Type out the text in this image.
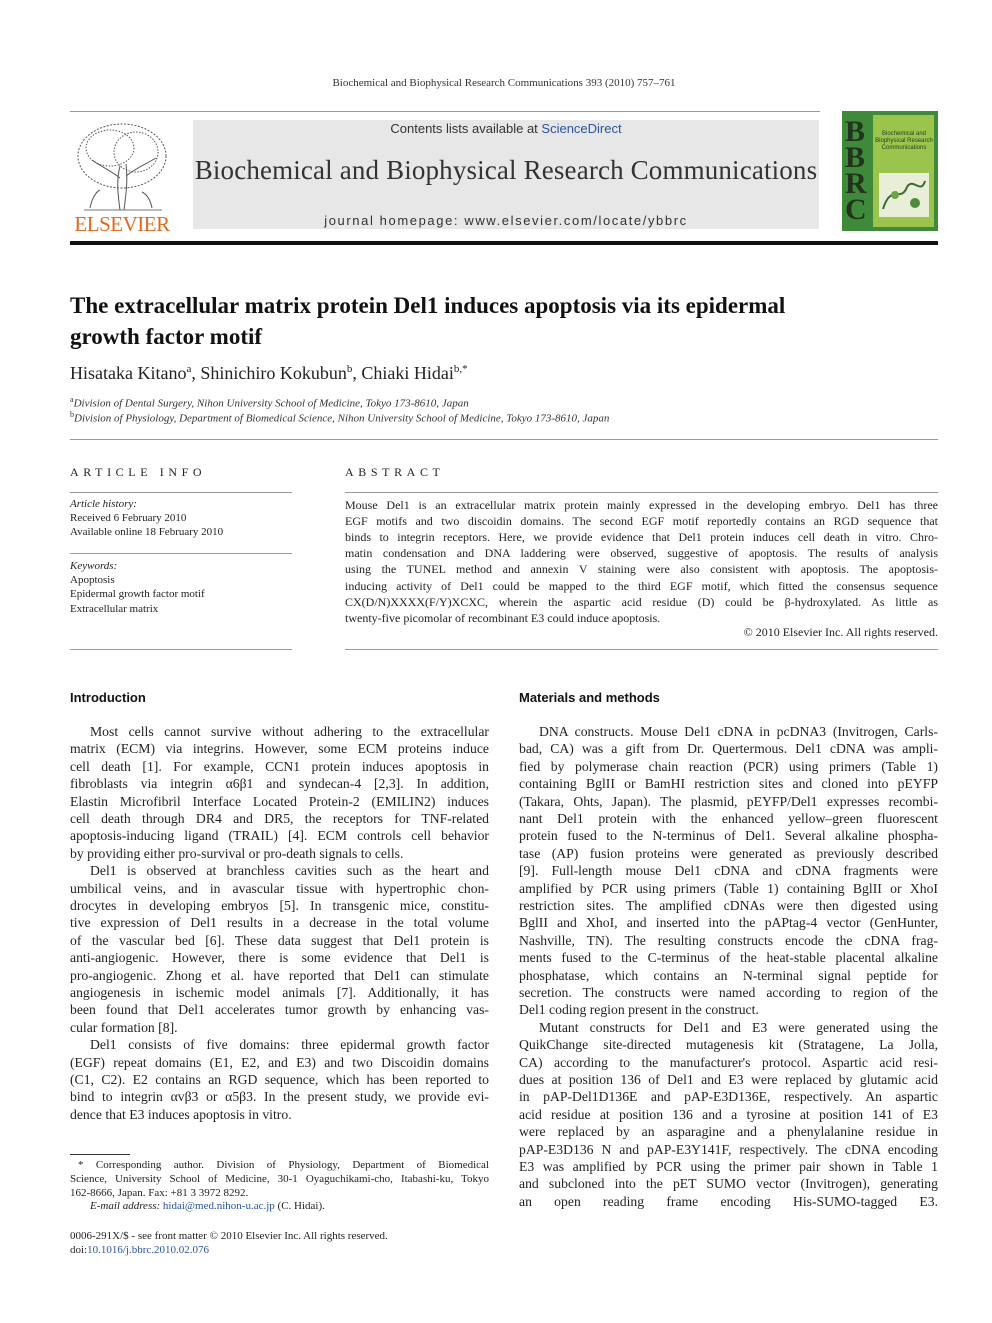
Biochemical and Biophysical Research Communications 393 (2010) 757–761
ELSEVIER
Contents lists available at ScienceDirect
Biochemical and Biophysical Research Communications
journal homepage: www.elsevier.com/locate/ybbrc
B
B
R
C
Biochemical and Biophysical Research Communications
The extracellular matrix protein Del1 induces apoptosis via its epidermal
growth factor motif
Hisataka Kitano$^a$, Shinichiro Kokubun$^b$, Chiaki Hidai$^{b,*}$
$^a$Division of Dental Surgery, Nihon University School of Medicine, Tokyo 173-8610, Japan
$^b$Division of Physiology, Department of Biomedical Science, Nihon University School of Medicine, Tokyo 173-8610, Japan
ARTICLE INFO
Article history:
Received 6 February 2010
Available online 18 February 2010
Keywords:
Apoptosis
Epidermal growth factor motif
Extracellular matrix
ABSTRACT
Mouse Del1 is an extracellular matrix protein mainly expressed in the developing embryo. Del1 has three
EGF motifs and two discoidin domains. The second EGF motif reportedly contains an RGD sequence that
binds to integrin receptors. Here, we provide evidence that Del1 protein induces cell death in vitro. Chro-
matin condensation and DNA laddering were observed, suggestive of apoptosis. The results of analysis
using the TUNEL method and annexin V staining were also consistent with apoptosis. The apoptosis-
inducing activity of Del1 could be mapped to the third EGF motif, which fitted the consensus sequence
CX(D/N)XXXX(F/Y)XCXC, wherein the aspartic acid residue (D) could be β-hydroxylated. As little as
twenty-five picomolar of recombinant E3 could induce apoptosis.
© 2010 Elsevier Inc. All rights reserved.
Introduction	Materials and methods
Most cells cannot survive without adhering to the extracellular
matrix (ECM) via integrins. However, some ECM proteins induce
cell death [1]. For example, CCN1 protein induces apoptosis in
fibroblasts via integrin α6β1 and syndecan-4 [2,3]. In addition,
Elastin Microfibril Interface Located Protein-2 (EMILIN2) induces
cell death through DR4 and DR5, the receptors for TNF-related
apoptosis-inducing ligand (TRAIL) [4]. ECM controls cell behavior
by providing either pro-survival or pro-death signals to cells.
Del1 is observed at branchless cavities such as the heart and
umbilical veins, and in avascular tissue with hypertrophic chon-
drocytes in developing embryos [5]. In transgenic mice, constitu-
tive expression of Del1 results in a decrease in the total volume
of the vascular bed [6]. These data suggest that Del1 protein is
anti-angiogenic. However, there is some evidence that Del1 is
pro-angiogenic. Zhong et al. have reported that Del1 can stimulate
angiogenesis in ischemic model animals [7]. Additionally, it has
been found that Del1 accelerates tumor growth by enhancing vas-
cular formation [8].
Del1 consists of five domains: three epidermal growth factor
(EGF) repeat domains (E1, E2, and E3) and two Discoidin domains
(C1, C2). E2 contains an RGD sequence, which has been reported to
bind to integrin αvβ3 or α5β3. In the present study, we provide evi-
dence that E3 induces apoptosis in vitro.
DNA constructs. Mouse Del1 cDNA in pcDNA3 (Invitrogen, Carls-
bad, CA) was a gift from Dr. Quertermous. Del1 cDNA was ampli-
fied by polymerase chain reaction (PCR) using primers (Table 1)
containing BglII or BamHI restriction sites and cloned into pEYFP
(Takara, Ohts, Japan). The plasmid, pEYFP/Del1 expresses recombi-
nant Del1 protein with the enhanced yellow–green fluorescent
protein fused to the N-terminus of Del1. Several alkaline phospha-
tase (AP) fusion proteins were generated as previously described
[9]. Full-length mouse Del1 cDNA and cDNA fragments were
amplified by PCR using primers (Table 1) containing BglII or XhoI
restriction sites. The amplified cDNAs were then digested using
BglII and XhoI, and inserted into the pAPtag-4 vector (GenHunter,
Nashville, TN). The resulting constructs encode the cDNA frag-
ments fused to the C-terminus of the heat-stable placental alkaline
phosphatase, which contains an N-terminal signal peptide for
secretion. The constructs were named according to region of the
Del1 coding region present in the construct.
Mutant constructs for Del1 and E3 were generated using the
QuikChange site-directed mutagenesis kit (Stratagene, La Jolla,
CA) according to the manufacturer's protocol. Aspartic acid resi-
dues at position 136 of Del1 and E3 were replaced by glutamic acid
in pAP-Del1D136E and pAP-E3D136E, respectively. An aspartic
acid residue at position 136 and a tyrosine at position 141 of E3
were replaced by an asparagine and a phenylalanine residue in
pAP-E3D136 N and pAP-E3Y141F, respectively. The cDNA encoding
E3 was amplified by PCR using the primer pair shown in Table 1
and subcloned into the pET SUMO vector (Invitrogen), generating
an open reading frame encoding His-SUMO-tagged E3.
* Corresponding author. Division of Physiology, Department of Biomedical
Science, University School of Medicine, 30-1 Oyaguchikami-cho, Itabashi-ku, Tokyo
162-8666, Japan. Fax: +81 3 3972 8292.
E-mail address: hidai@med.nihon-u.ac.jp (C. Hidai).
0006-291X/$ - see front matter © 2010 Elsevier Inc. All rights reserved.
doi:10.1016/j.bbrc.2010.02.076
